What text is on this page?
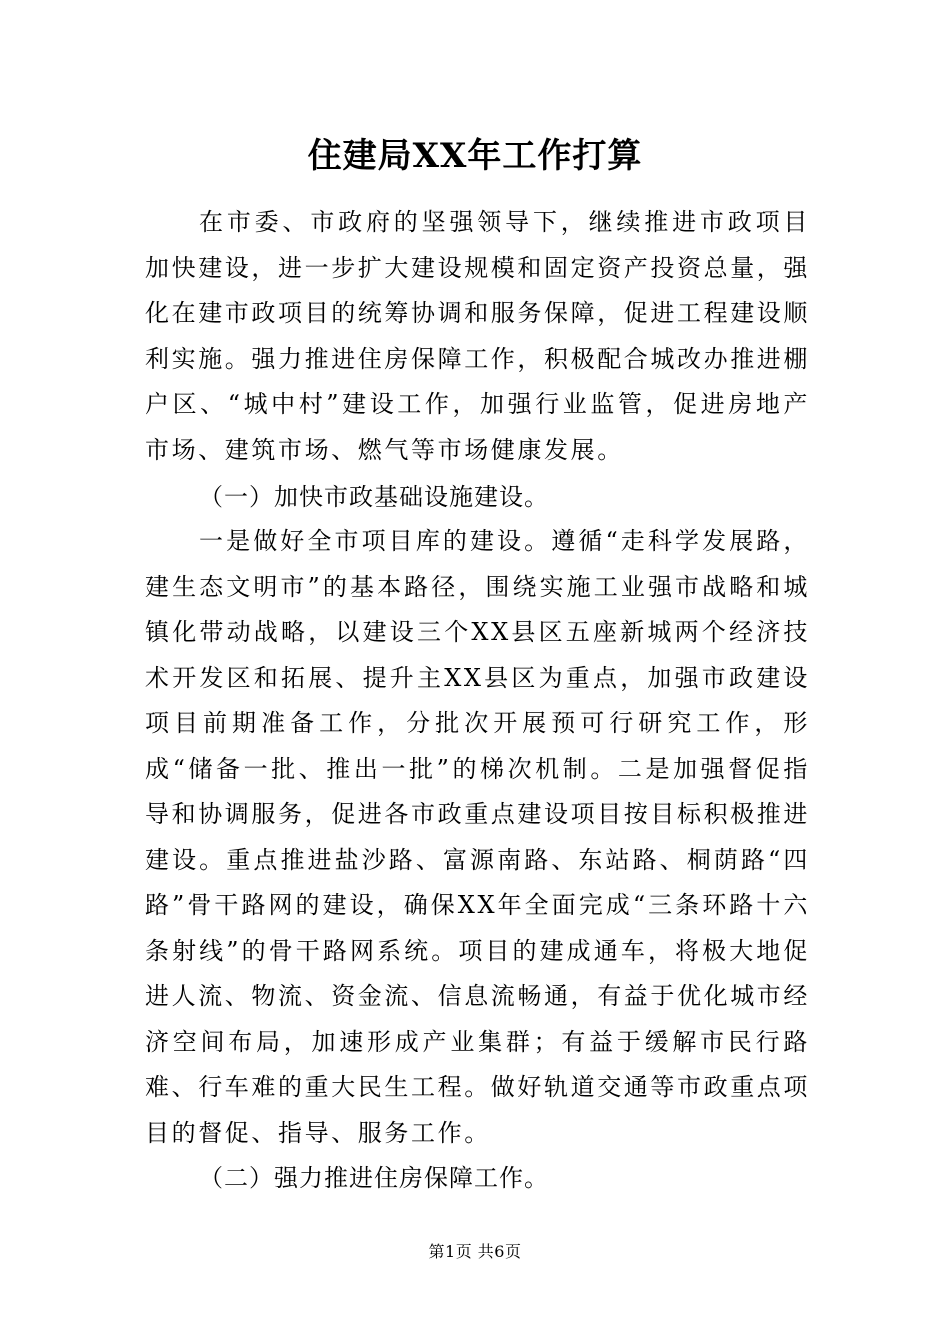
住建局XX年工作打算
在市委、市政府的坚强领导下，继续推进市政项目加快建设，进一步扩大建设规模和固定资产投资总量，强化在建市政项目的统筹协调和服务保障，促进工程建设顺利实施。强力推进住房保障工作，积极配合城改办推进棚户区、“城中村”建设工作，加强行业监管，促进房地产市场、建筑市场、燃气等市场健康发展。
（一）加快市政基础设施建设。
一是做好全市项目库的建设。遵循“走科学发展路，建生态文明市”的基本路径，围绕实施工业强市战略和城镇化带动战略，以建设三个XX县区五座新城两个经济技术开发区和拓展、提升主XX县区为重点，加强市政建设项目前期准备工作，分批次开展预可行研究工作，形成“储备一批、推出一批”的梯次机制。二是加强督促指导和协调服务，促进各市政重点建设项目按目标积极推进建设。重点推进盐沙路、富源南路、东站路、桐荫路“四路”骨干路网的建设，确保XX年全面完成“三条环路十六条射线”的骨干路网系统。项目的建成通车，将极大地促进人流、物流、资金流、信息流畅通，有益于优化城市经济空间布局，加速形成产业集群；有益于缓解市民行路难、行车难的重大民生工程。做好轨道交通等市政重点项目的督促、指导、服务工作。
（二）强力推进住房保障工作。
第1页 共6页
